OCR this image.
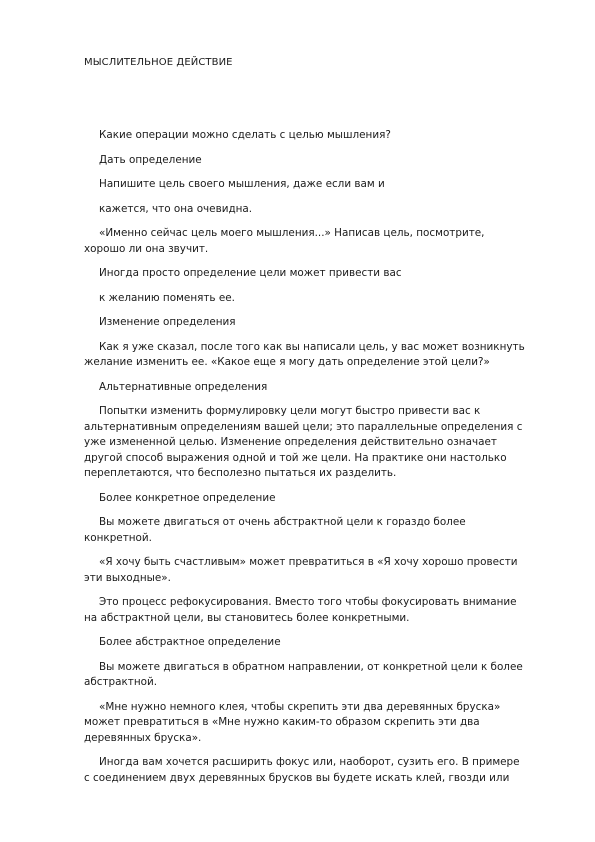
МЫСЛИТЕЛЬНОЕ ДЕЙСТВИЕ
Какие операции можно сделать с целью мышления?
Дать определение
Напишите цель своего мышления, даже если вам и
кажется, что она очевидна.
«Именно сейчас цель моего мышления...» Написав цель, посмотрите,
хорошо ли она звучит.
Иногда просто определение цели может привести вас
к желанию поменять ее.
Изменение определения
Как я уже сказал, после того как вы написали цель, у вас может возникнуть
желание изменить ее. «Какое еще я могу дать определение этой цели?»
Альтернативные определения
Попытки изменить формулировку цели могут быстро привести вас к
альтернативным определениям вашей цели; это параллельные определения с
уже измененной целью. Изменение определения действительно означает
другой способ выражения одной и той же цели. На практике они настолько
переплетаются, что бесполезно пытаться их разделить.
Более конкретное определение
Вы можете двигаться от очень абстрактной цели к гораздо более
конкретной.
«Я хочу быть счастливым» может превратиться в «Я хочу хорошо провести
эти выходные».
Это процесс рефокусирования. Вместо того чтобы фокусировать внимание
на абстрактной цели, вы становитесь более конкретными.
Более абстрактное определение
Вы можете двигаться в обратном направлении, от конкретной цели к более
абстрактной.
«Мне нужно немного клея, чтобы скрепить эти два деревянных бруска»
может превратиться в «Мне нужно каким-то образом скрепить эти два
деревянных бруска».
Иногда вам хочется расширить фокус или, наоборот, сузить его. В примере
с соединением двух деревянных брусков вы будете искать клей, гвозди или
